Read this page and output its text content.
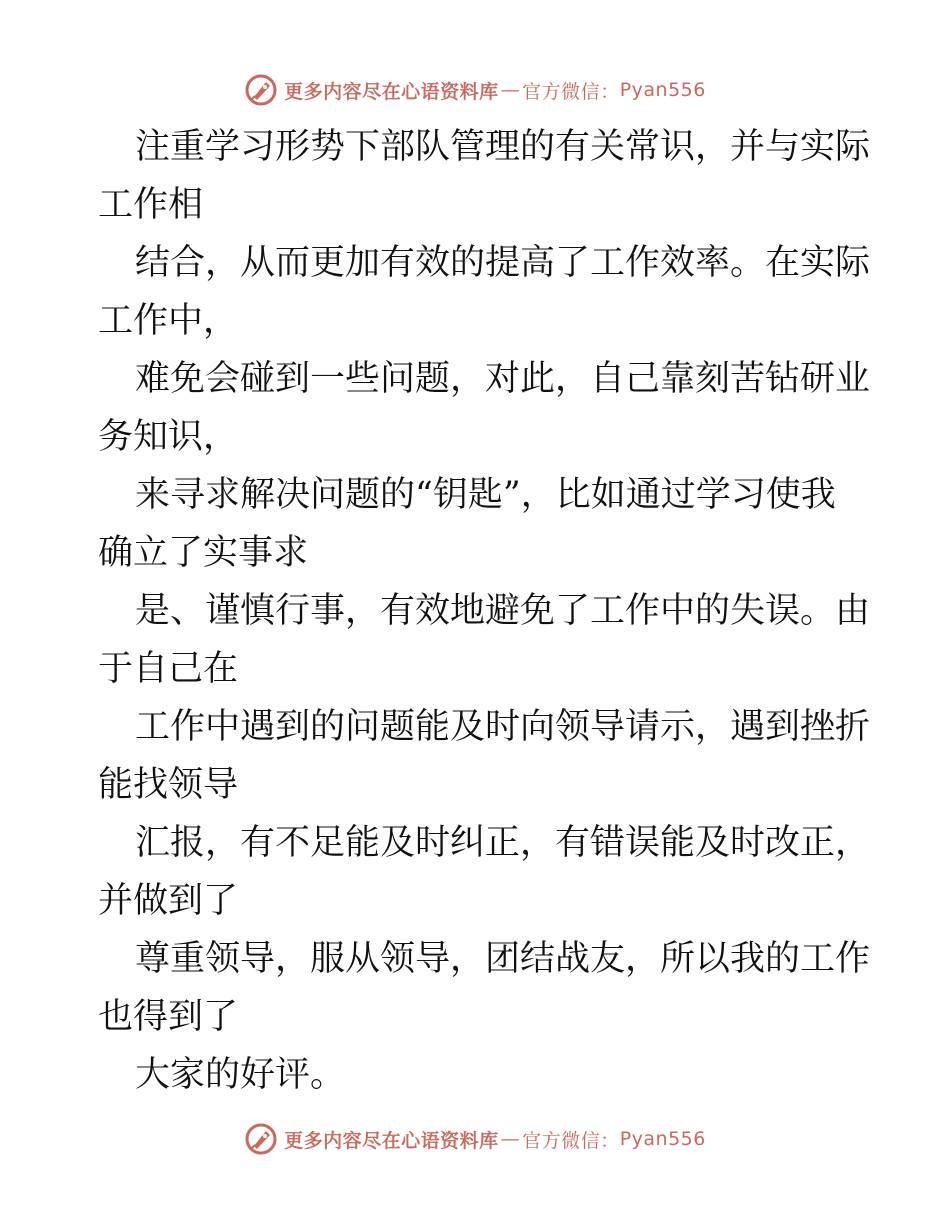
更多内容尽在心语资料库 — 官方微信： Pyan556
注重学习形势下部队管理的有关常识，并与实际
工作相
结合，从而更加有效的提高了工作效率。在实际
工作中，
难免会碰到一些问题，对此，自己靠刻苦钻研业
务知识，
来寻求解决问题的“钥匙”，比如通过学习使我
确立了实事求
是、谨慎行事，有效地避免了工作中的失误。由
于自己在
工作中遇到的问题能及时向领导请示，遇到挫折
能找领导
汇报，有不足能及时纠正，有错误能及时改正，
并做到了
尊重领导，服从领导，团结战友，所以我的工作
也得到了
大家的好评。
更多内容尽在心语资料库 — 官方微信： Pyan556
